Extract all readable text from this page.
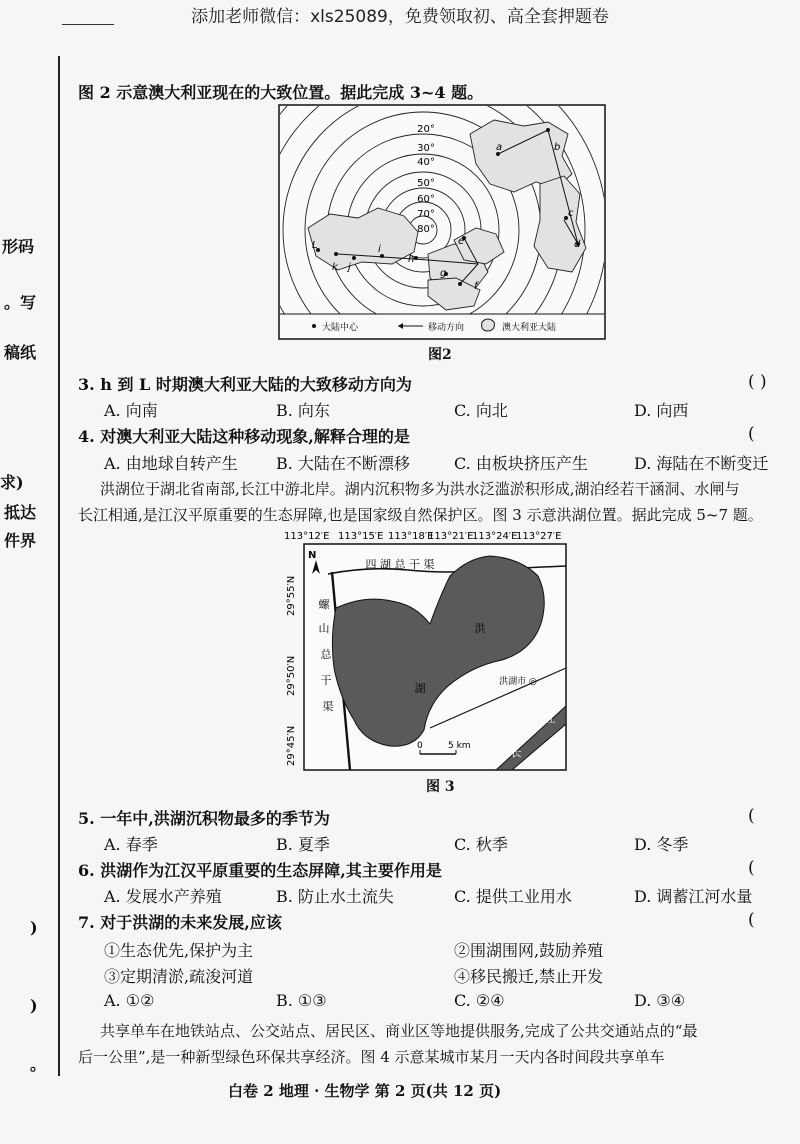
添加老师微信：xls25089，免费领取初、高全套押题卷
形码
。写
稿纸
求)
抵达
件界
)
)
。
图 2 示意澳大利亚现在的大致位置。据此完成 3~4 题。
20°
30°
40°
50°
60°
70°
80°
a	b
c
d
e
f
g
h
i
j
k
L
大陆中心	移动方向	澳大利亚大陆
图2
3. h 到 L 时期澳大利亚大陆的大致移动方向为	( )
A. 向南	B. 向东	C. 向北	D. 向西
4. 对澳大利亚大陆这种移动现象,解释合理的是	(
A. 由地球自转产生 B. 大陆在不断漂移	C. 由板块挤压产生	D. 海陆在不断变迁
洪湖位于湖北省南部,长江中游北岸。湖内沉积物多为洪水泛滥淤积形成,湖泊经若干涵洞、水闸与
长江相通,是江汉平原重要的生态屏障,也是国家级自然保护区。图 3 示意洪湖位置。据此完成 5~7 题。
113°12′E 113°15′E 113°18′E
113°21′E
113°24′E
113°27′E
29°55′N
29°50′N
29°45′N
N
四 湖 总 干 渠
螺
山
总
干
渠
洪
湖	洪湖市 ◎
江
长
0	5 km
图 3
5. 一年中,洪湖沉积物最多的季节为	(
A. 春季	B. 夏季	C. 秋季	D. 冬季
6. 洪湖作为江汉平原重要的生态屏障,其主要作用是	(
A. 发展水产养殖	B. 防止水土流失	C. 提供工业用水	D. 调蓄江河水量
7. 对于洪湖的未来发展,应该	(
①生态优先,保护为主	②围湖围网,鼓励养殖
③定期清淤,疏浚河道	④移民搬迁,禁止开发
A. ①②	B. ①③	C. ②④	D. ③④
共享单车在地铁站点、公交站点、居民区、商业区等地提供服务,完成了公共交通站点的“最
后一公里”,是一种新型绿色环保共享经济。图 4 示意某城市某月一天内各时间段共享单车
白卷 2 地理 · 生物学 第 2 页(共 12 页)
